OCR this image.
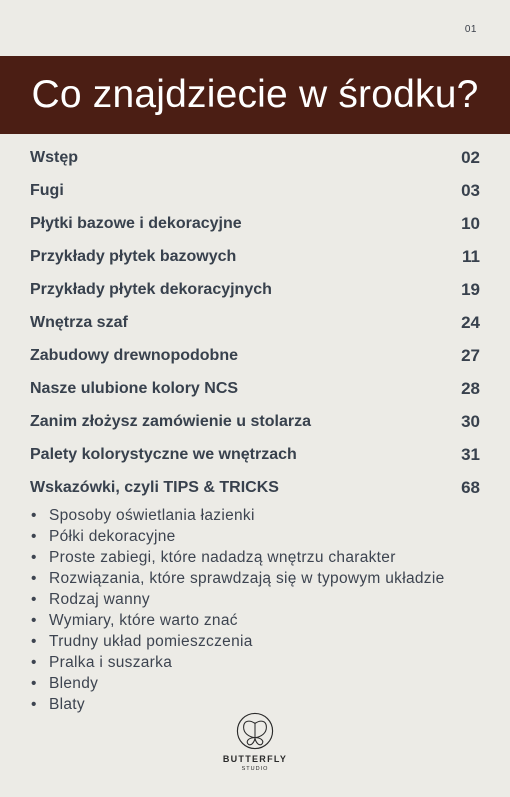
01
Co znajdziecie w środku?
Wstęp	02
Fugi	03
Płytki bazowe i dekoracyjne	10
Przykłady płytek bazowych	11
Przykłady płytek dekoracyjnych	19
Wnętrza szaf	24
Zabudowy drewnopodobne	27
Nasze ulubione kolory NCS	28
Zanim złożysz zamówienie u stolarza	30
Palety kolorystyczne we wnętrzach	31
Wskazówki, czyli TIPS & TRICKS	68
• Sposoby oświetlania łazienki
• Półki dekoracyjne
• Proste zabiegi, które nadadzą wnętrzu charakter
• Rozwiązania, które sprawdzają się w typowym układzie
• Rodzaj wanny
• Wymiary, które warto znać
• Trudny układ pomieszczenia
• Pralka i suszarka
• Blendy
• Blaty
BUTTERFLY
STUDIO
